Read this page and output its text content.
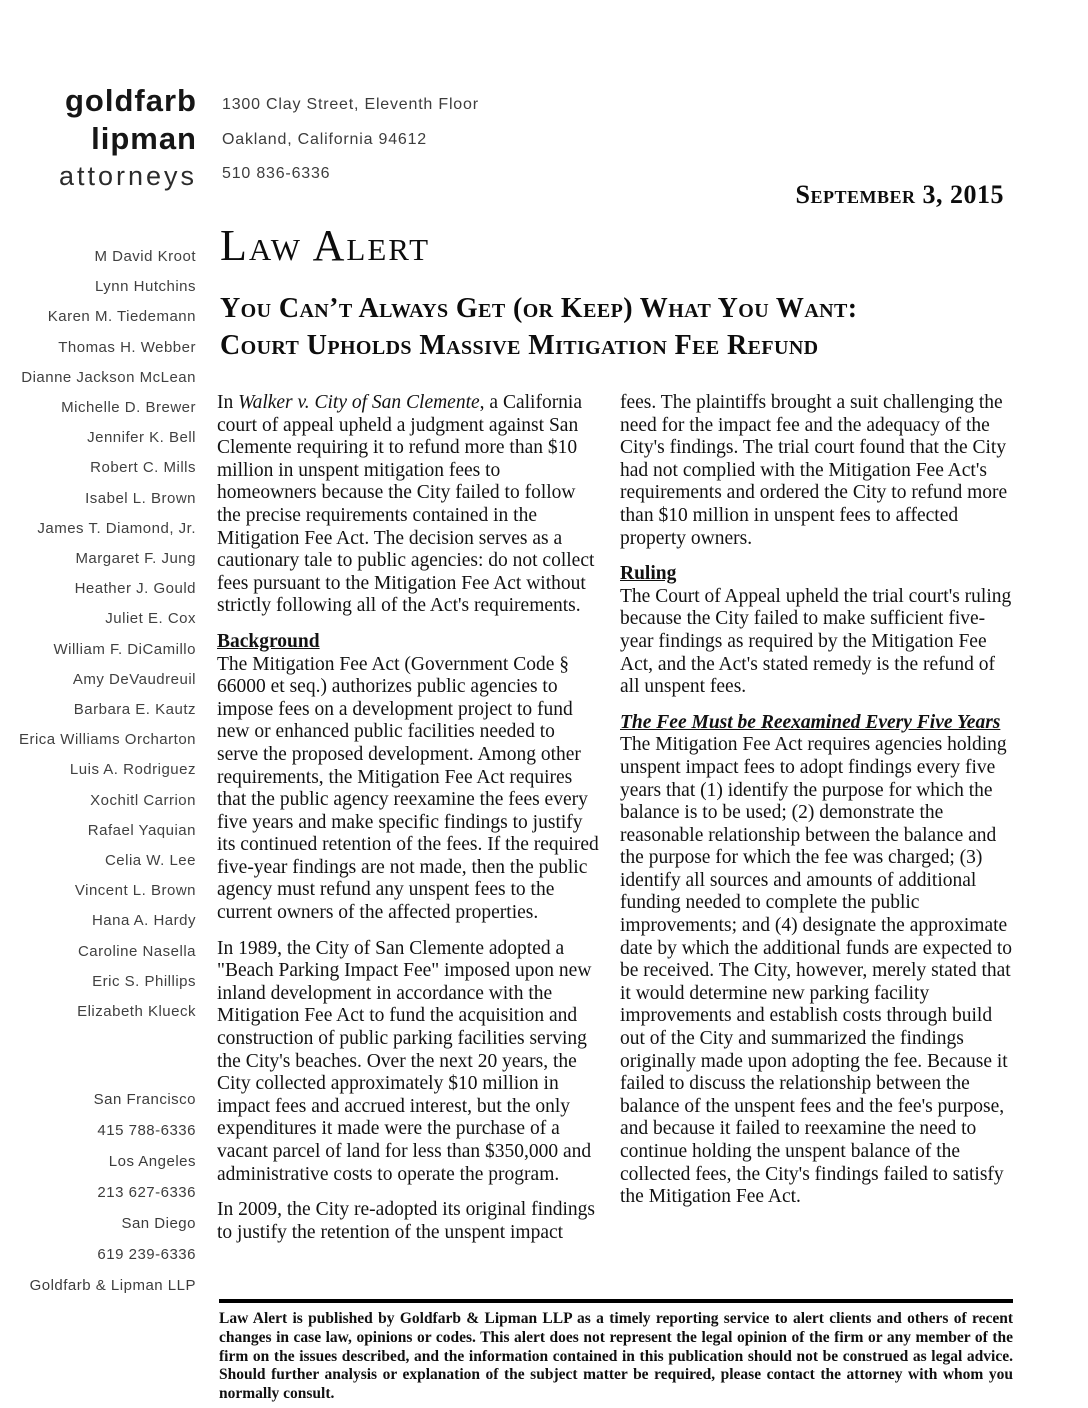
goldfarb
lipman
attorneys
1300 Clay Street, Eleventh Floor
Oakland, California 94612
510 836-6336
September 3, 2015
Law Alert
You Can’t Always Get (or Keep) What You Want:
Court Upholds Massive Mitigation Fee Refund
M David Kroot
Lynn Hutchins
Karen M. Tiedemann
Thomas H. Webber
Dianne Jackson McLean
Michelle D. Brewer
Jennifer K. Bell
Robert C. Mills
Isabel L. Brown
James T. Diamond, Jr.
Margaret F. Jung
Heather J. Gould
Juliet E. Cox
William F. DiCamillo
Amy DeVaudreuil
Barbara E. Kautz
Erica Williams Orcharton
Luis A. Rodriguez
Xochitl Carrion
Rafael Yaquian
Celia W. Lee
Vincent L. Brown
Hana A. Hardy
Caroline Nasella
Eric S. Phillips
Elizabeth Klueck
San Francisco
415 788-6336
Los Angeles
213 627-6336
San Diego
619 239-6336
Goldfarb & Lipman LLP

In Walker v. City of San Clemente, a California court of appeal upheld a judgment against San Clemente requiring it to refund more than $10 million in unspent mitigation fees to homeowners because the City failed to follow the precise requirements contained in the Mitigation Fee Act. The decision serves as a cautionary tale to public agencies: do not collect fees pursuant to the Mitigation Fee Act without strictly following all of the Act's requirements.

Background

The Mitigation Fee Act (Government Code § 66000 et seq.) authorizes public agencies to impose fees on a development project to fund new or enhanced public facilities needed to serve the proposed development. Among other requirements, the Mitigation Fee Act requires that the public agency reexamine the fees every five years and make specific findings to justify its continued retention of the fees. If the required five-year findings are not made, then the public agency must refund any unspent fees to the current owners of the affected properties.

In 1989, the City of San Clemente adopted a "Beach Parking Impact Fee" imposed upon new inland development in accordance with the Mitigation Fee Act to fund the acquisition and construction of public parking facilities serving the City's beaches. Over the next 20 years, the City collected approximately $10 million in impact fees and accrued interest, but the only expenditures it made were the purchase of a vacant parcel of land for less than $350,000 and administrative costs to operate the program.

In 2009, the City re-adopted its original findings to justify the retention of the unspent impact

fees. The plaintiffs brought a suit challenging the need for the impact fee and the adequacy of the City's findings. The trial court found that the City had not complied with the Mitigation Fee Act's requirements and ordered the City to refund more than $10 million in unspent fees to affected property owners.

Ruling

The Court of Appeal upheld the trial court's ruling because the City failed to make sufficient five-year findings as required by the Mitigation Fee Act, and the Act's stated remedy is the refund of all unspent fees.

The Fee Must be Reexamined Every Five Years

The Mitigation Fee Act requires agencies holding unspent impact fees to adopt findings every five years that (1) identify the purpose for which the balance is to be used; (2) demonstrate the reasonable relationship between the balance and the purpose for which the fee was charged; (3) identify all sources and amounts of additional funding needed to complete the public improvements; and (4) designate the approximate date by which the additional funds are expected to be received. The City, however, merely stated that it would determine new parking facility improvements and establish costs through build out of the City and summarized the findings originally made upon adopting the fee. Because it failed to discuss the relationship between the balance of the unspent fees and the fee's purpose, and because it failed to reexamine the need to continue holding the unspent balance of the collected fees, the City's findings failed to satisfy the Mitigation Fee Act.

Law Alert is published by Goldfarb & Lipman LLP as a timely reporting service to alert clients and others of recent changes in case law, opinions or codes. This alert does not represent the legal opinion of the firm or any member of the firm on the issues described, and the information contained in this publication should not be construed as legal advice. Should further analysis or explanation of the subject matter be required, please contact the attorney with whom you normally consult.
